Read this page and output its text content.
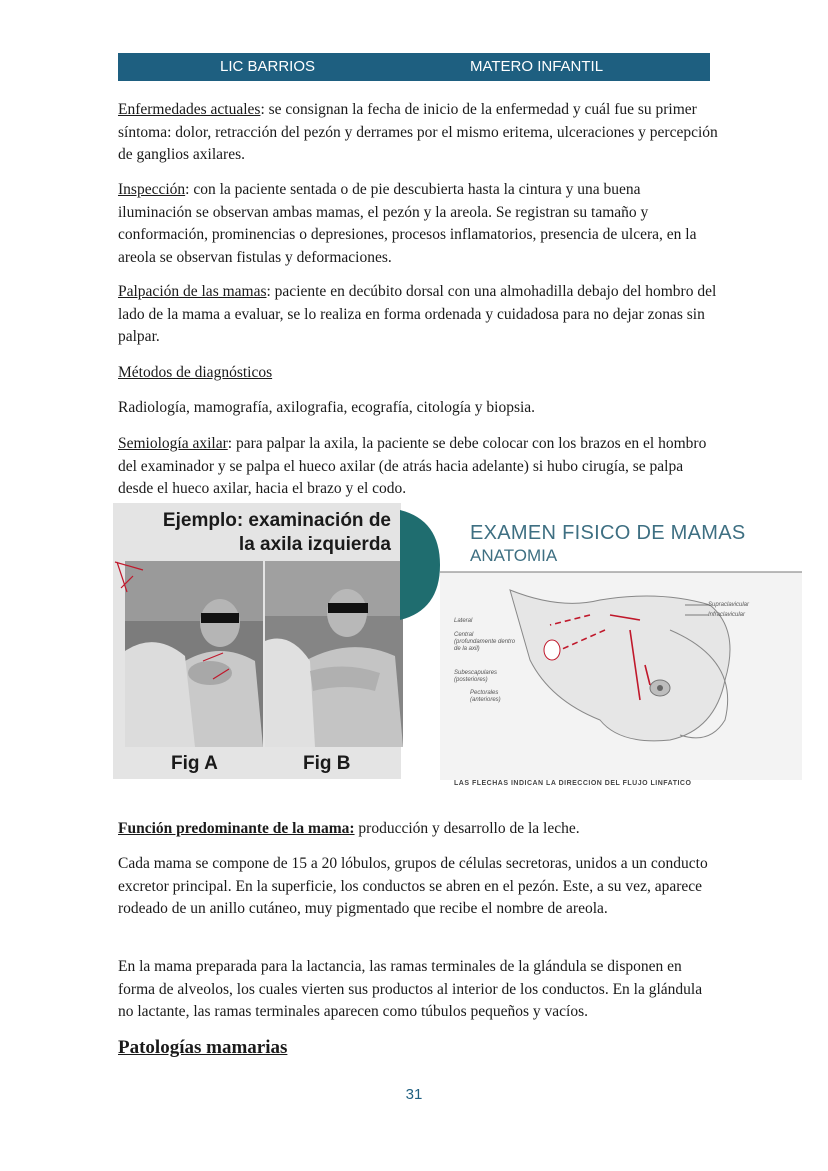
LIC BARRIOS	MATERO INFANTIL

Enfermedades actuales: se consignan la fecha de inicio de la enfermedad y cuál fue su primer síntoma: dolor, retracción del pezón y derrames por el mismo eritema, ulceraciones y percepción de ganglios axilares.

Inspección: con la paciente sentada o de pie descubierta hasta la cintura y una buena iluminación se observan ambas mamas, el pezón y la areola. Se registran su tamaño y conformación, prominencias o depresiones, procesos inflamatorios, presencia de ulcera, en la areola se observan fistulas y deformaciones.

Palpación de las mamas: paciente en decúbito dorsal con una almohadilla debajo del hombro del lado de la mama a evaluar, se lo realiza en forma ordenada y cuidadosa para no dejar zonas sin palpar.

Métodos de diagnósticos

Radiología, mamografía, axilografia, ecografía, citología y biopsia.

Semiología axilar: para palpar la axila, la paciente se debe colocar con los brazos en el hombro del examinador y se palpa el hueco axilar (de atrás hacia adelante) si hubo cirugía, se palpa desde el hueco axilar, hacia el brazo y el codo.

Ejemplo: examinación de
la axila izquierda
Fig A	Fig B
EXAMEN FISICO DE MAMAS
ANATOMIA
Lateral
Central (profundamente dentro de la axil)
Subescapulares (posteriores)
Pectorales (anteriores)
Supraclavicular
Infraclavicular
LAS FLECHAS INDICAN LA DIRECCION DEL FLUJO LINFATICO

Función predominante de la mama: producción y desarrollo de la leche.

Cada mama se compone de 15 a 20 lóbulos, grupos de células secretoras, unidos a un conducto excretor principal. En la superficie, los conductos se abren en el pezón. Este, a su vez, aparece rodeado de un anillo cutáneo, muy pigmentado que recibe el nombre de areola.

En la mama preparada para la lactancia, las ramas terminales de la glándula se disponen en forma de alveolos, los cuales vierten sus productos al interior de los conductos. En la glándula no lactante, las ramas terminales aparecen como túbulos pequeños y vacíos.

Patologías mamarias
31
